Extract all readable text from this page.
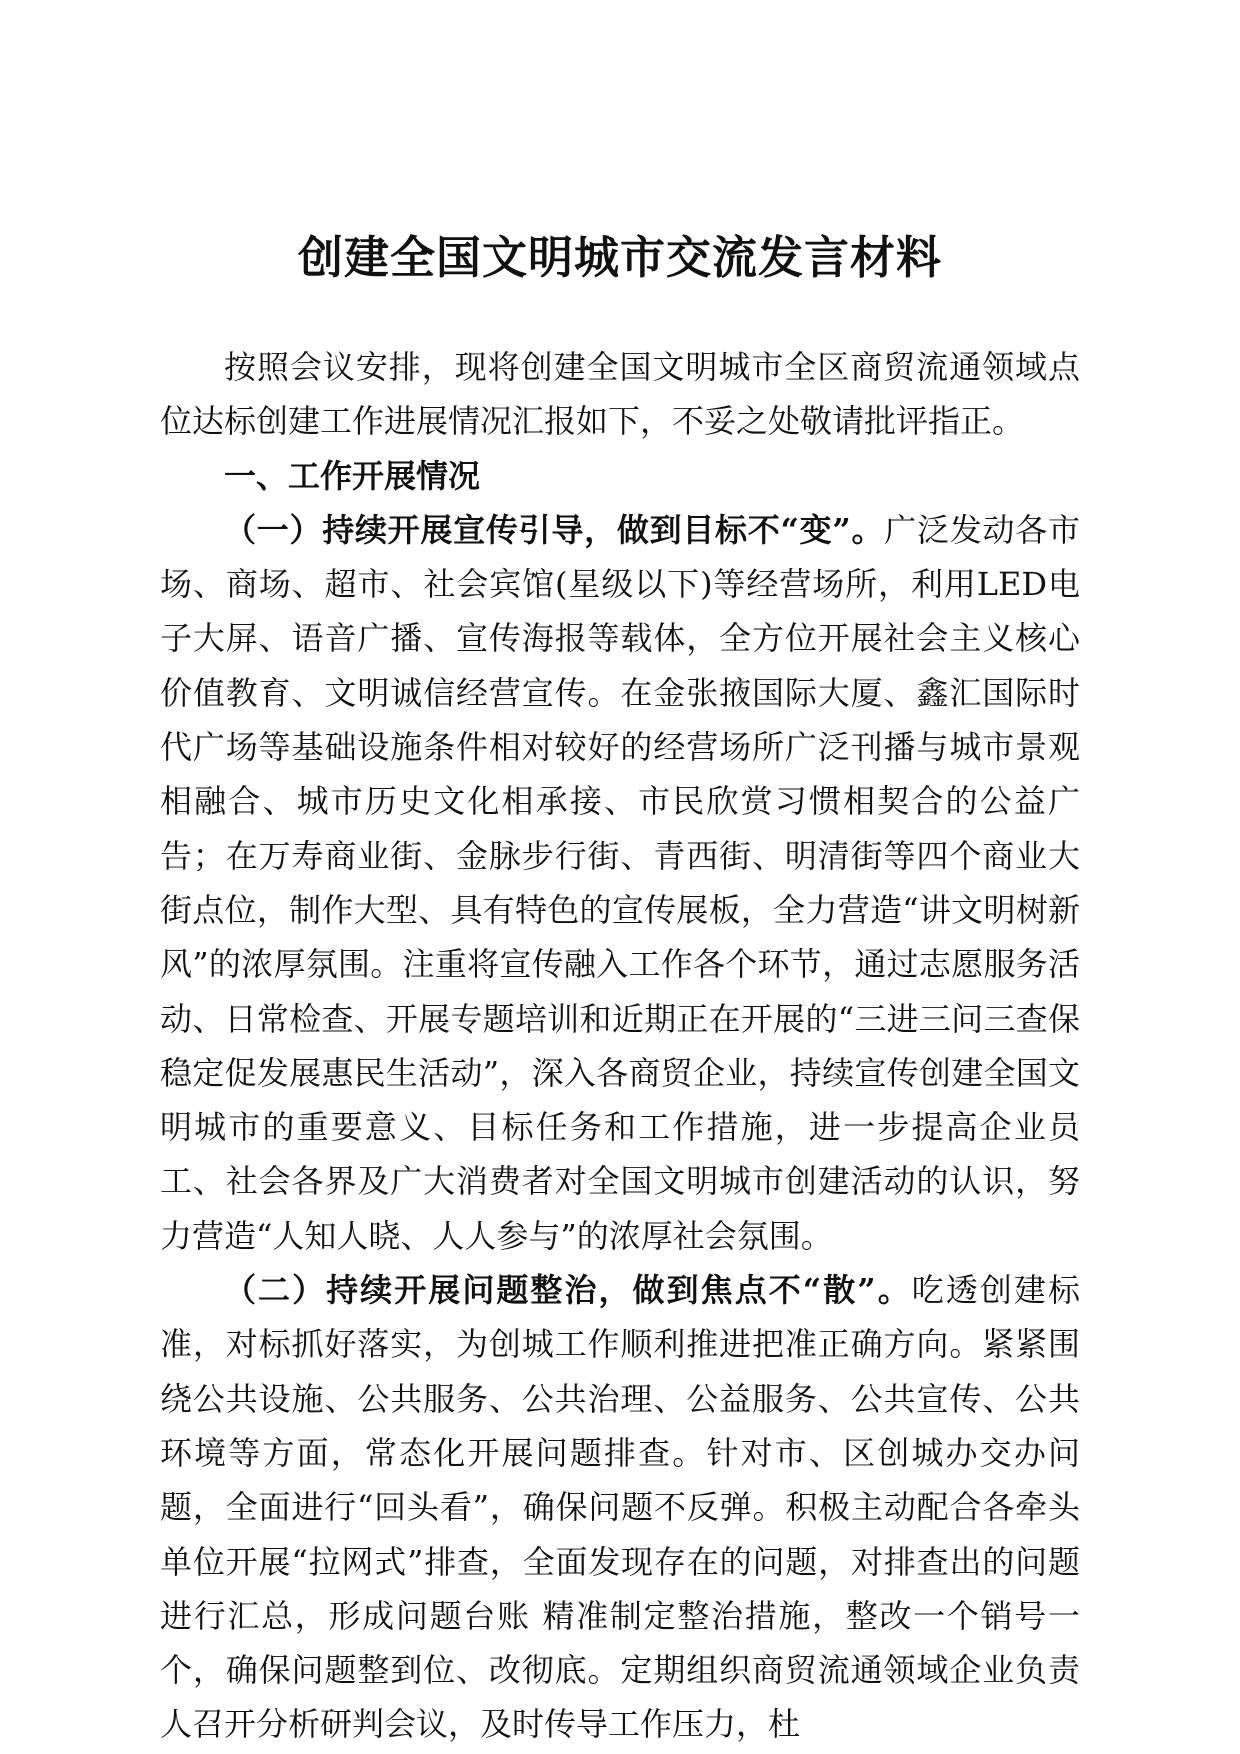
创建全国文明城市交流发言材料

按照会议安排，现将创建全国文明城市全区商贸流通领域点位达标创建工作进展情况汇报如下，不妥之处敬请批评指正。

一、工作开展情况

（一）持续开展宣传引导，做到目标不“变”。广泛发动各市场、商场、超市、社会宾馆(星级以下)等经营场所，利用LED电子大屏、语音广播、宣传海报等载体，全方位开展社会主义核心价值教育、文明诚信经营宣传。在金张掖国际大厦、鑫汇国际时代广场等基础设施条件相对较好的经营场所广泛刊播与城市景观相融合、城市历史文化相承接、市民欣赏习惯相契合的公益广告；在万寿商业街、金脉步行街、青西街、明清街等四个商业大街点位，制作大型、具有特色的宣传展板，全力营造“讲文明树新风”的浓厚氛围。注重将宣传融入工作各个环节，通过志愿服务活动、日常检查、开展专题培训和近期正在开展的“三进三问三查保稳定促发展惠民生活动”，深入各商贸企业，持续宣传创建全国文明城市的重要意义、目标任务和工作措施，进一步提高企业员工、社会各界及广大消费者对全国文明城市创建活动的认识，努力营造“人知人晓、人人参与”的浓厚社会氛围。

（二）持续开展问题整治，做到焦点不“散”。吃透创建标准，对标抓好落实，为创城工作顺利推进把准正确方向。紧紧围绕公共设施、公共服务、公共治理、公益服务、公共宣传、公共环境等方面，常态化开展问题排查。针对市、区创城办交办问题，全面进行“回头看”，确保问题不反弹。积极主动配合各牵头单位开展“拉网式”排查，全面发现存在的问题，对排查出的问题进行汇总，形成问题台账 精准制定整治措施，整改一个销号一个，确保问题整到位、改彻底。定期组织商贸流通领域企业负责人召开分析研判会议，及时传导工作压力，杜
